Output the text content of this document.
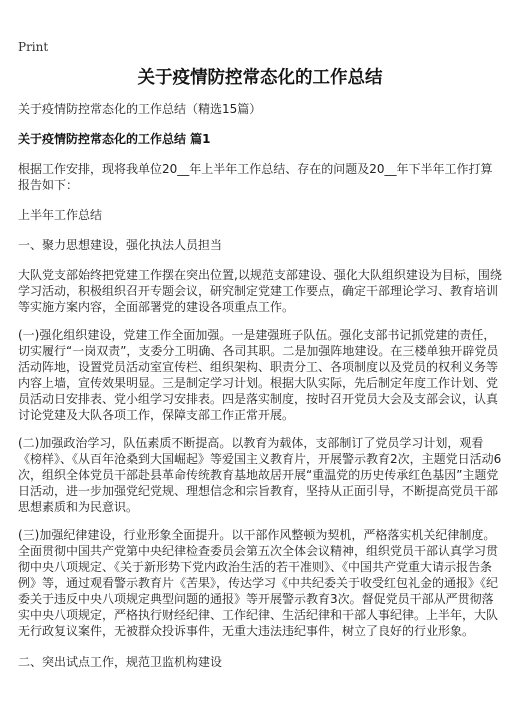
Print
关于疫情防控常态化的工作总结

关于疫情防控常态化的工作总结（精选15篇）

关于疫情防控常态化的工作总结 篇1

根据工作安排，现将我单位20__年上半年工作总结、存在的问题及20__年下半年工作打算报告如下：

上半年工作总结

一、聚力思想建设，强化执法人员担当

大队党支部始终把党建工作摆在突出位置,以规范支部建设、强化大队组织建设为目标，围绕学习活动，积极组织召开专题会议，研究制定党建工作要点，确定干部理论学习、教育培训等实施方案内容，全面部署党的建设各项重点工作。

(一)强化组织建设，党建工作全面加强。一是建强班子队伍。强化支部书记抓党建的责任，切实履行“一岗双责”，支委分工明确、各司其职。二是加强阵地建设。在三楼单独开辟党员活动阵地，设置党员活动室宣传栏、组织架构、职责分工、各项制度以及党员的权利义务等内容上墙，宣传效果明显。三是制定学习计划。根据大队实际，先后制定年度工作计划、党员活动日安排表、党小组学习安排表。四是落实制度，按时召开党员大会及支部会议，认真讨论党建及大队各项工作，保障支部工作正常开展。

(二)加强政治学习，队伍素质不断提高。以教育为载体，支部制订了党员学习计划，观看《榜样》、《从百年沧桑到大国崛起》等爱国主义教育片，开展警示教育2次，主题党日活动6次，组织全体党员干部赴县革命传统教育基地故居开展“重温党的历史传承红色基因”主题党日活动，进一步加强党纪党规、理想信念和宗旨教育，坚持从正面引导，不断提高党员干部思想素质和为民意识。

(三)加强纪律建设，行业形象全面提升。以干部作风整顿为契机，严格落实机关纪律制度。全面贯彻中国共产党第中央纪律检查委员会第五次全体会议精神，组织党员干部认真学习贯彻中央八项规定、《关于新形势下党内政治生活的若干准则》、《中国共产党重大请示报告条例》等，通过观看警示教育片《苦果》，传达学习《中共纪委关于收受红包礼金的通报》《纪委关于违反中央八项规定典型问题的通报》等开展警示教育3次。督促党员干部从严贯彻落实中央八项规定，严格执行财经纪律、工作纪律、生活纪律和干部人事纪律。上半年，大队无行政复议案件，无被群众投诉事件，无重大违法违纪事件，树立了良好的行业形象。

二、突出试点工作，规范卫监机构建设
